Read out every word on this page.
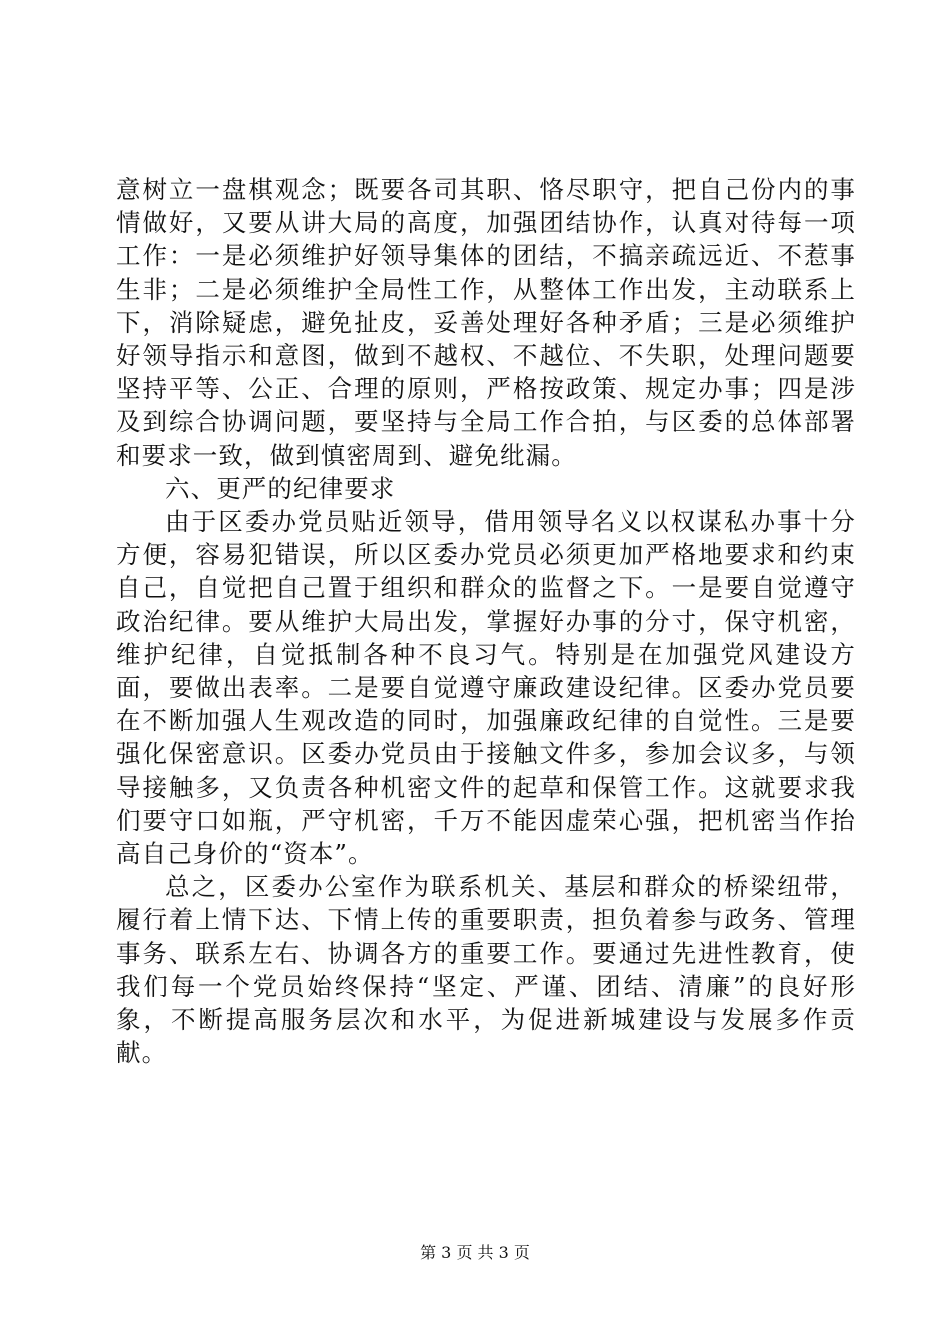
意树立一盘棋观念；既要各司其职、恪尽职守，把自己份内的事情做好，又要从讲大局的高度，加强团结协作，认真对待每一项工作：一是必须维护好领导集体的团结，不搞亲疏远近、不惹事生非；二是必须维护全局性工作，从整体工作出发，主动联系上下，消除疑虑，避免扯皮，妥善处理好各种矛盾；三是必须维护好领导指示和意图，做到不越权、不越位、不失职，处理问题要坚持平等、公正、合理的原则，严格按政策、规定办事；四是涉及到综合协调问题，要坚持与全局工作合拍，与区委的总体部署和要求一致，做到慎密周到、避免纰漏。

六、更严的纪律要求

由于区委办党员贴近领导，借用领导名义以权谋私办事十分方便，容易犯错误，所以区委办党员必须更加严格地要求和约束自己，自觉把自己置于组织和群众的监督之下。一是要自觉遵守政治纪律。要从维护大局出发，掌握好办事的分寸，保守机密，维护纪律，自觉抵制各种不良习气。特别是在加强党风建设方面，要做出表率。二是要自觉遵守廉政建设纪律。区委办党员要在不断加强人生观改造的同时，加强廉政纪律的自觉性。三是要强化保密意识。区委办党员由于接触文件多，参加会议多，与领导接触多，又负责各种机密文件的起草和保管工作。这就要求我们要守口如瓶，严守机密，千万不能因虚荣心强，把机密当作抬高自己身价的“资本”。

总之，区委办公室作为联系机关、基层和群众的桥梁纽带，履行着上情下达、下情上传的重要职责，担负着参与政务、管理事务、联系左右、协调各方的重要工作。要通过先进性教育，使我们每一个党员始终保持“坚定、严谨、团结、清廉”的良好形象，不断提高服务层次和水平，为促进新城建设与发展多作贡献。

第 3 页 共 3 页
